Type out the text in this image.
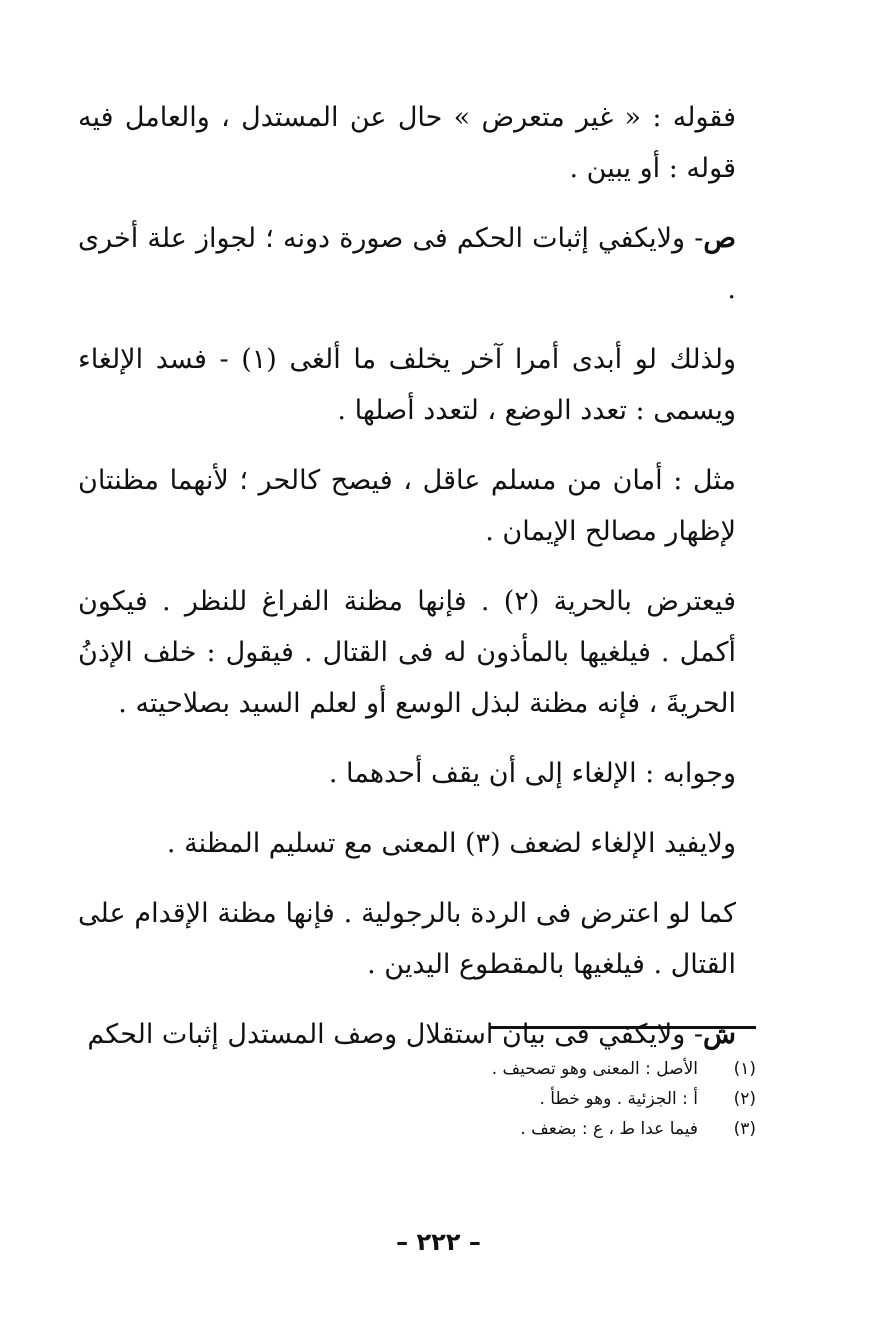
فقوله : « غير متعرض » حال عن المستدل ، والعامل فيه قوله : أو يبين .

ص- ولايكفي إثبات الحكم فى صورة دونه ؛ لجواز علة أخرى .

ولذلك لو أبدى أمرا آخر يخلف ما ألغى (١) - فسد الإلغاء ويسمى : تعدد الوضع ، لتعدد أصلها .

مثل : أمان من مسلم عاقل ، فيصح كالحر ؛ لأنهما مظنتان لإظهار مصالح الإيمان .

فيعترض بالحرية (٢) . فإنها مظنة الفراغ للنظر . فيكون أكمل . فيلغيها بالمأذون له فى القتال . فيقول : خلف الإذنُ الحريةَ ، فإنه مظنة لبذل الوسع أو لعلم السيد بصلاحيته .

وجوابه : الإلغاء إلى أن يقف أحدهما .

ولايفيد الإلغاء لضعف (٣) المعنى مع تسليم المظنة .

كما لو اعترض فى الردة بالرجولية . فإنها مظنة الإقدام على القتال . فيلغيها بالمقطوع اليدين .

ش- ولايكفي فى بيان استقلال وصف المستدل إثبات الحكم

(١)
الأصل : المعنى وهو تصحيف .
(٢)
أ : الجزئية . وهو خطأ .
(٣)
فيما عدا ط ، ع : بضعف .
– ٢٢٢ –
